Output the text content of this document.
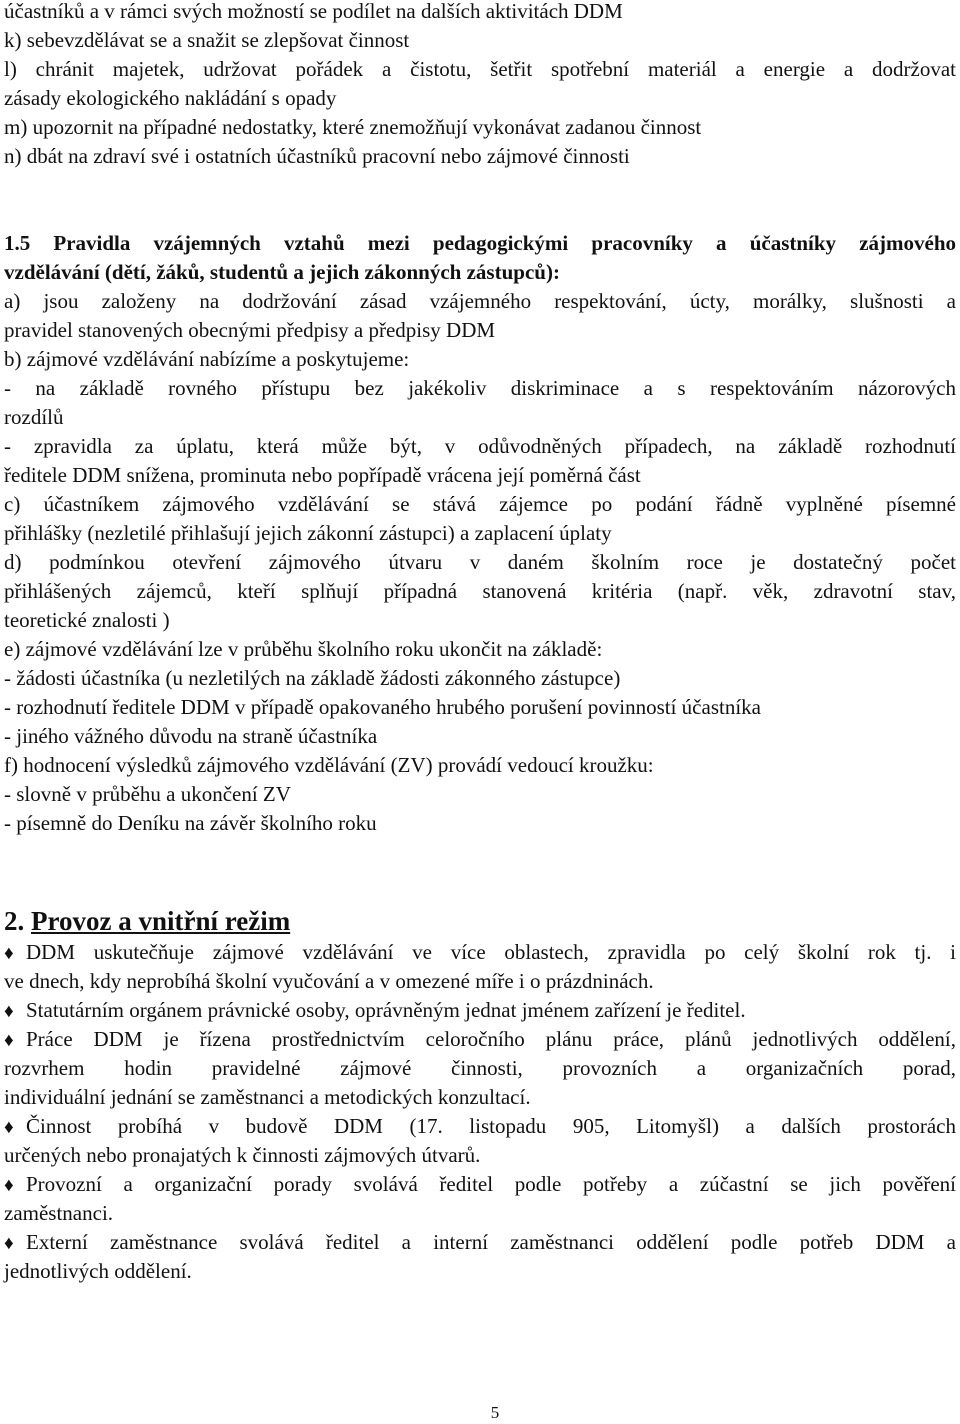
účastníků a v rámci svých možností se podílet na dalších aktivitách DDM
k) sebevzdělávat se a snažit se zlepšovat činnost
l) chránit majetek, udržovat pořádek a čistotu, šetřit spotřební materiál a energie a dodržovat
zásady ekologického nakládání s opady
m) upozornit na případné nedostatky, které znemožňují vykonávat zadanou činnost
n) dbát na zdraví své i ostatních účastníků pracovní nebo zájmové činnosti
1.5 Pravidla vzájemných vztahů mezi pedagogickými pracovníky a účastníky zájmového
vzdělávání (dětí, žáků, studentů a jejich zákonných zástupců):
a) jsou založeny na dodržování zásad vzájemného respektování, úcty, morálky, slušnosti a
pravidel stanovených obecnými předpisy a předpisy DDM
b) zájmové vzdělávání nabízíme a poskytujeme:
- na základě rovného přístupu bez jakékoliv diskriminace a s respektováním názorových
rozdílů
- zpravidla za úplatu, která může být, v odůvodněných případech, na základě rozhodnutí
ředitele DDM snížena, prominuta nebo popřípadě vrácena její poměrná část
c) účastníkem zájmového vzdělávání se stává zájemce po podání řádně vyplněné písemné
přihlášky (nezletilé přihlašují jejich zákonní zástupci) a zaplacení úplaty
d) podmínkou otevření zájmového útvaru v daném školním roce je dostatečný počet
přihlášených zájemců, kteří splňují případná stanovená kritéria (např. věk, zdravotní stav,
teoretické znalosti )
e) zájmové vzdělávání lze v průběhu školního roku ukončit na základě:
- žádosti účastníka (u nezletilých na základě žádosti zákonného zástupce)
- rozhodnutí ředitele DDM v případě opakovaného hrubého porušení povinností účastníka
- jiného vážného důvodu na straně účastníka
f) hodnocení výsledků zájmového vzdělávání (ZV) provádí vedoucí kroužku:
- slovně v průběhu a ukončení ZV
- písemně do Deníku na závěr školního roku
2. Provoz a vnitřní režim
♦ DDM uskutečňuje zájmové vzdělávání ve více oblastech, zpravidla po celý školní rok tj. i
ve dnech, kdy neprobíhá školní vyučování a v omezené míře i o prázdninách.
♦ Statutárním orgánem právnické osoby, oprávněným jednat jménem zařízení je ředitel.
♦ Práce DDM je řízena prostřednictvím celoročního plánu práce, plánů jednotlivých oddělení,
rozvrhem hodin pravidelné zájmové činnosti, provozních a organizačních porad,
individuální jednání se zaměstnanci a metodických konzultací.
♦ Činnost probíhá v budově DDM (17. listopadu 905, Litomyšl) a dalších prostorách
určených nebo pronajatých k činnosti zájmových útvarů.
♦ Provozní a organizační porady svolává ředitel podle potřeby a zúčastní se jich pověření
zaměstnanci.
♦ Externí zaměstnance svolává ředitel a interní zaměstnanci oddělení podle potřeb DDM a
jednotlivých oddělení.
5
